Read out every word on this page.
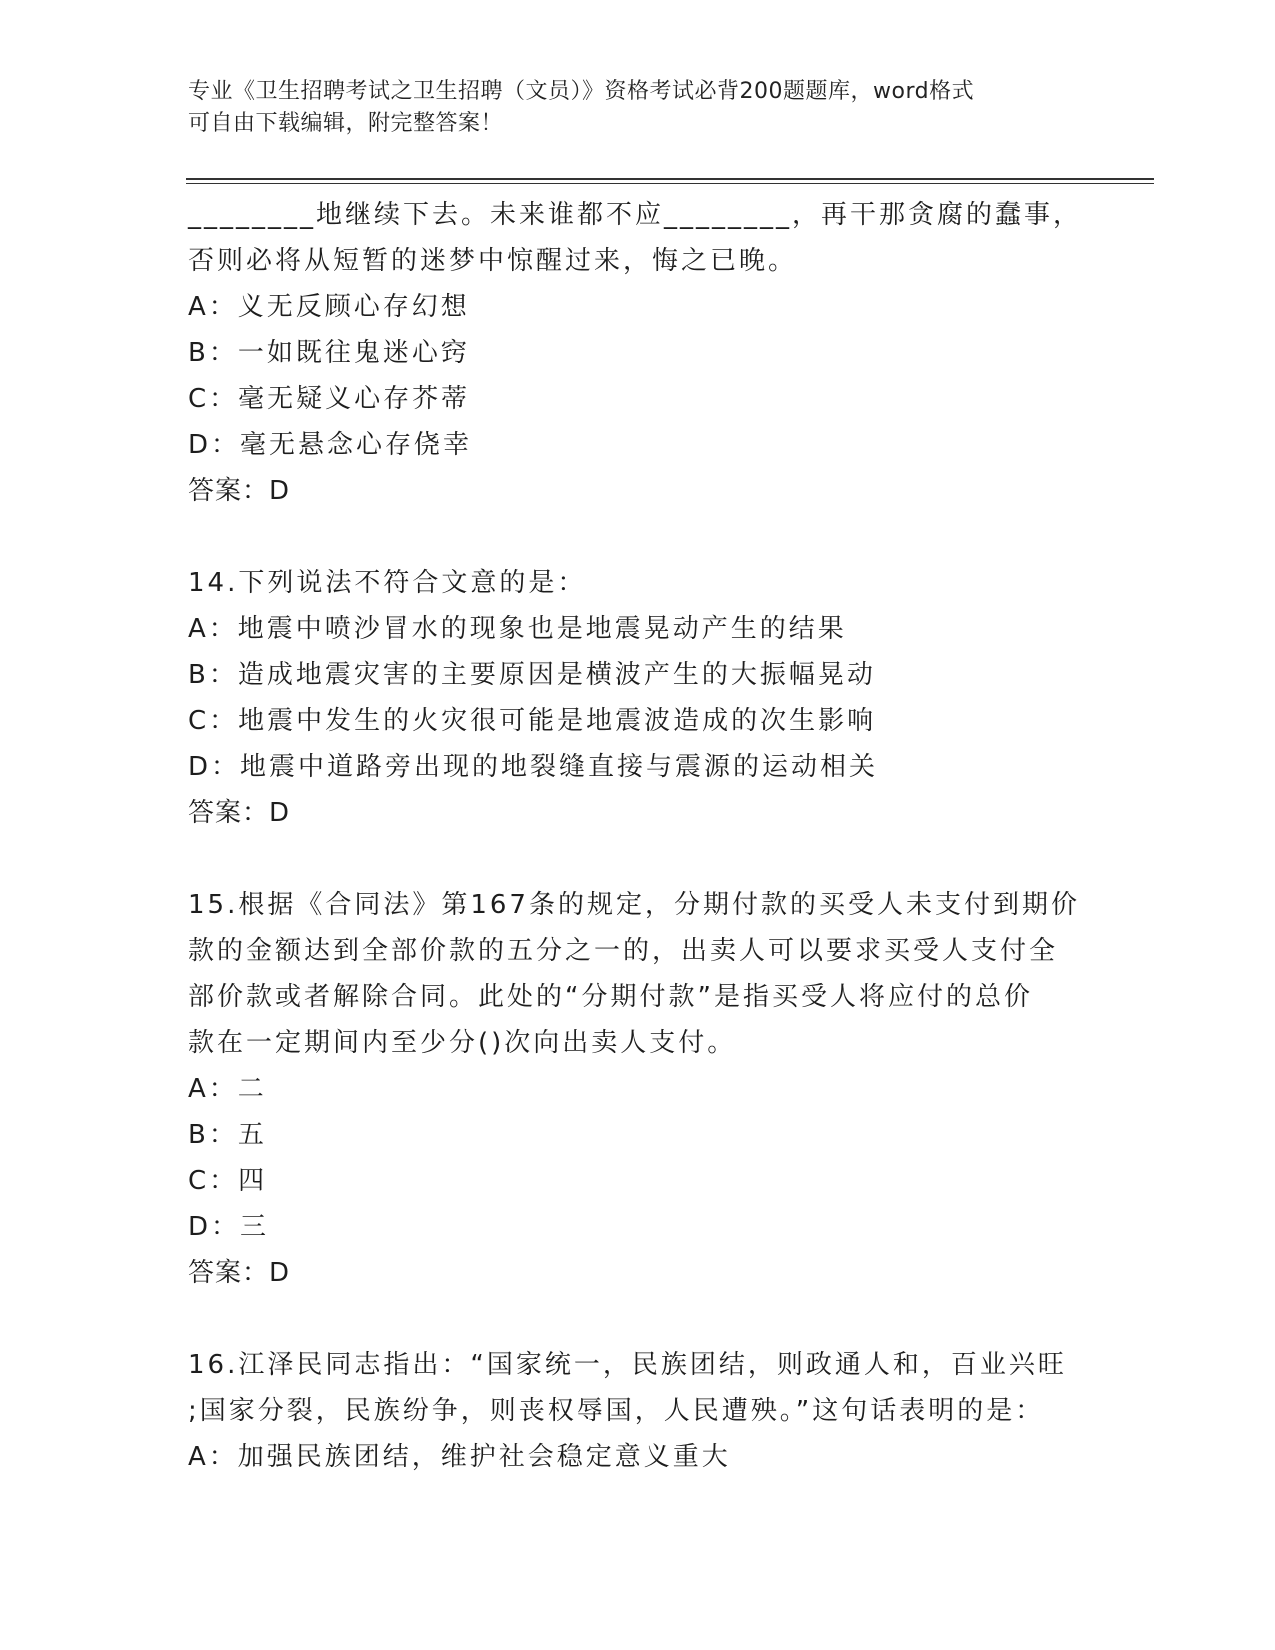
专业《卫生招聘考试之卫生招聘（文员）》资格考试必背200题题库，word格式
可自由下载编辑，附完整答案！
________地继续下去。未来谁都不应________，再干那贪腐的蠢事，
否则必将从短暂的迷梦中惊醒过来，悔之已晚。
A：义无反顾心存幻想
B：一如既往鬼迷心窍
C：毫无疑义心存芥蒂
D：毫无悬念心存侥幸
答案：D
14.下列说法不符合文意的是：
A：地震中喷沙冒水的现象也是地震晃动产生的结果
B：造成地震灾害的主要原因是横波产生的大振幅晃动
C：地震中发生的火灾很可能是地震波造成的次生影响
D：地震中道路旁出现的地裂缝直接与震源的运动相关
答案：D
15.根据《合同法》第167条的规定，分期付款的买受人未支付到期价
款的金额达到全部价款的五分之一的，出卖人可以要求买受人支付全
部价款或者解除合同。此处的“分期付款”是指买受人将应付的总价
款在一定期间内至少分()次向出卖人支付。
A：二
B：五
C：四
D：三
答案：D
16.江泽民同志指出：“国家统一，民族团结，则政通人和，百业兴旺
;国家分裂，民族纷争，则丧权辱国，人民遭殃。”这句话表明的是：
A：加强民族团结，维护社会稳定意义重大
